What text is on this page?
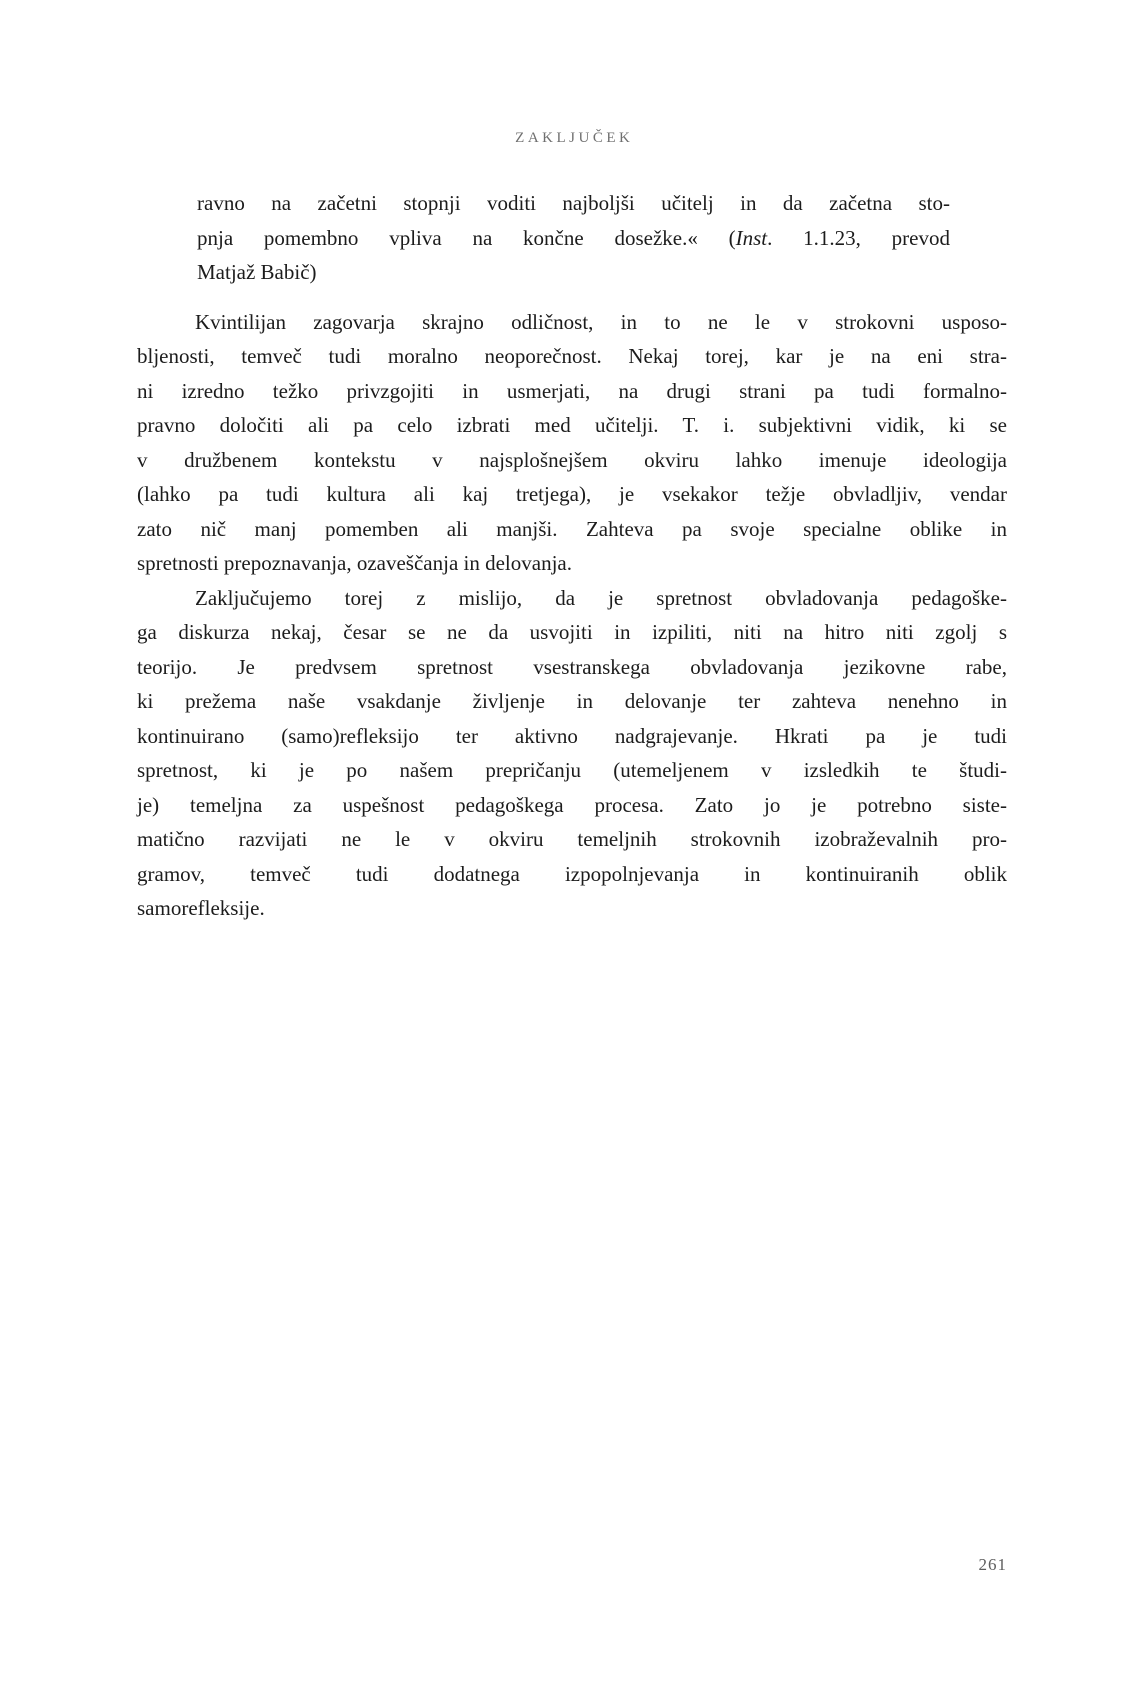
ZAKLJUČEK
ravno na začetni stopnji voditi najboljši učitelj in da začetna sto-
pnja pomembno vpliva na končne dosežke.« (Inst. 1.1.23, prevod
Matjaž Babič)
Kvintilijan zagovarja skrajno odličnost, in to ne le v strokovni usposo-
bljenosti, temveč tudi moralno neoporečnost. Nekaj torej, kar je na eni stra-
ni izredno težko privzgojiti in usmerjati, na drugi strani pa tudi formalno-
pravno določiti ali pa celo izbrati med učitelji. T. i. subjektivni vidik, ki se
v družbenem kontekstu v najsplošnejšem okviru lahko imenuje ideologija
(lahko pa tudi kultura ali kaj tretjega), je vsekakor težje obvladljiv, vendar
zato nič manj pomemben ali manjši. Zahteva pa svoje specialne oblike in
spretnosti prepoznavanja, ozaveščanja in delovanja.
Zaključujemo torej z mislijo, da je spretnost obvladovanja pedagoške-
ga diskurza nekaj, česar se ne da usvojiti in izpiliti, niti na hitro niti zgolj s
teorijo. Je predvsem spretnost vsestranskega obvladovanja jezikovne rabe,
ki prežema naše vsakdanje življenje in delovanje ter zahteva nenehno in
kontinuirano (samo)refleksijo ter aktivno nadgrajevanje. Hkrati pa je tudi
spretnost, ki je po našem prepričanju (utemeljenem v izsledkih te študi-
je) temeljna za uspešnost pedagoškega procesa. Zato jo je potrebno siste-
matično razvijati ne le v okviru temeljnih strokovnih izobraževalnih pro-
gramov, temveč tudi dodatnega izpopolnjevanja in kontinuiranih oblik
samorefleksije.
261
